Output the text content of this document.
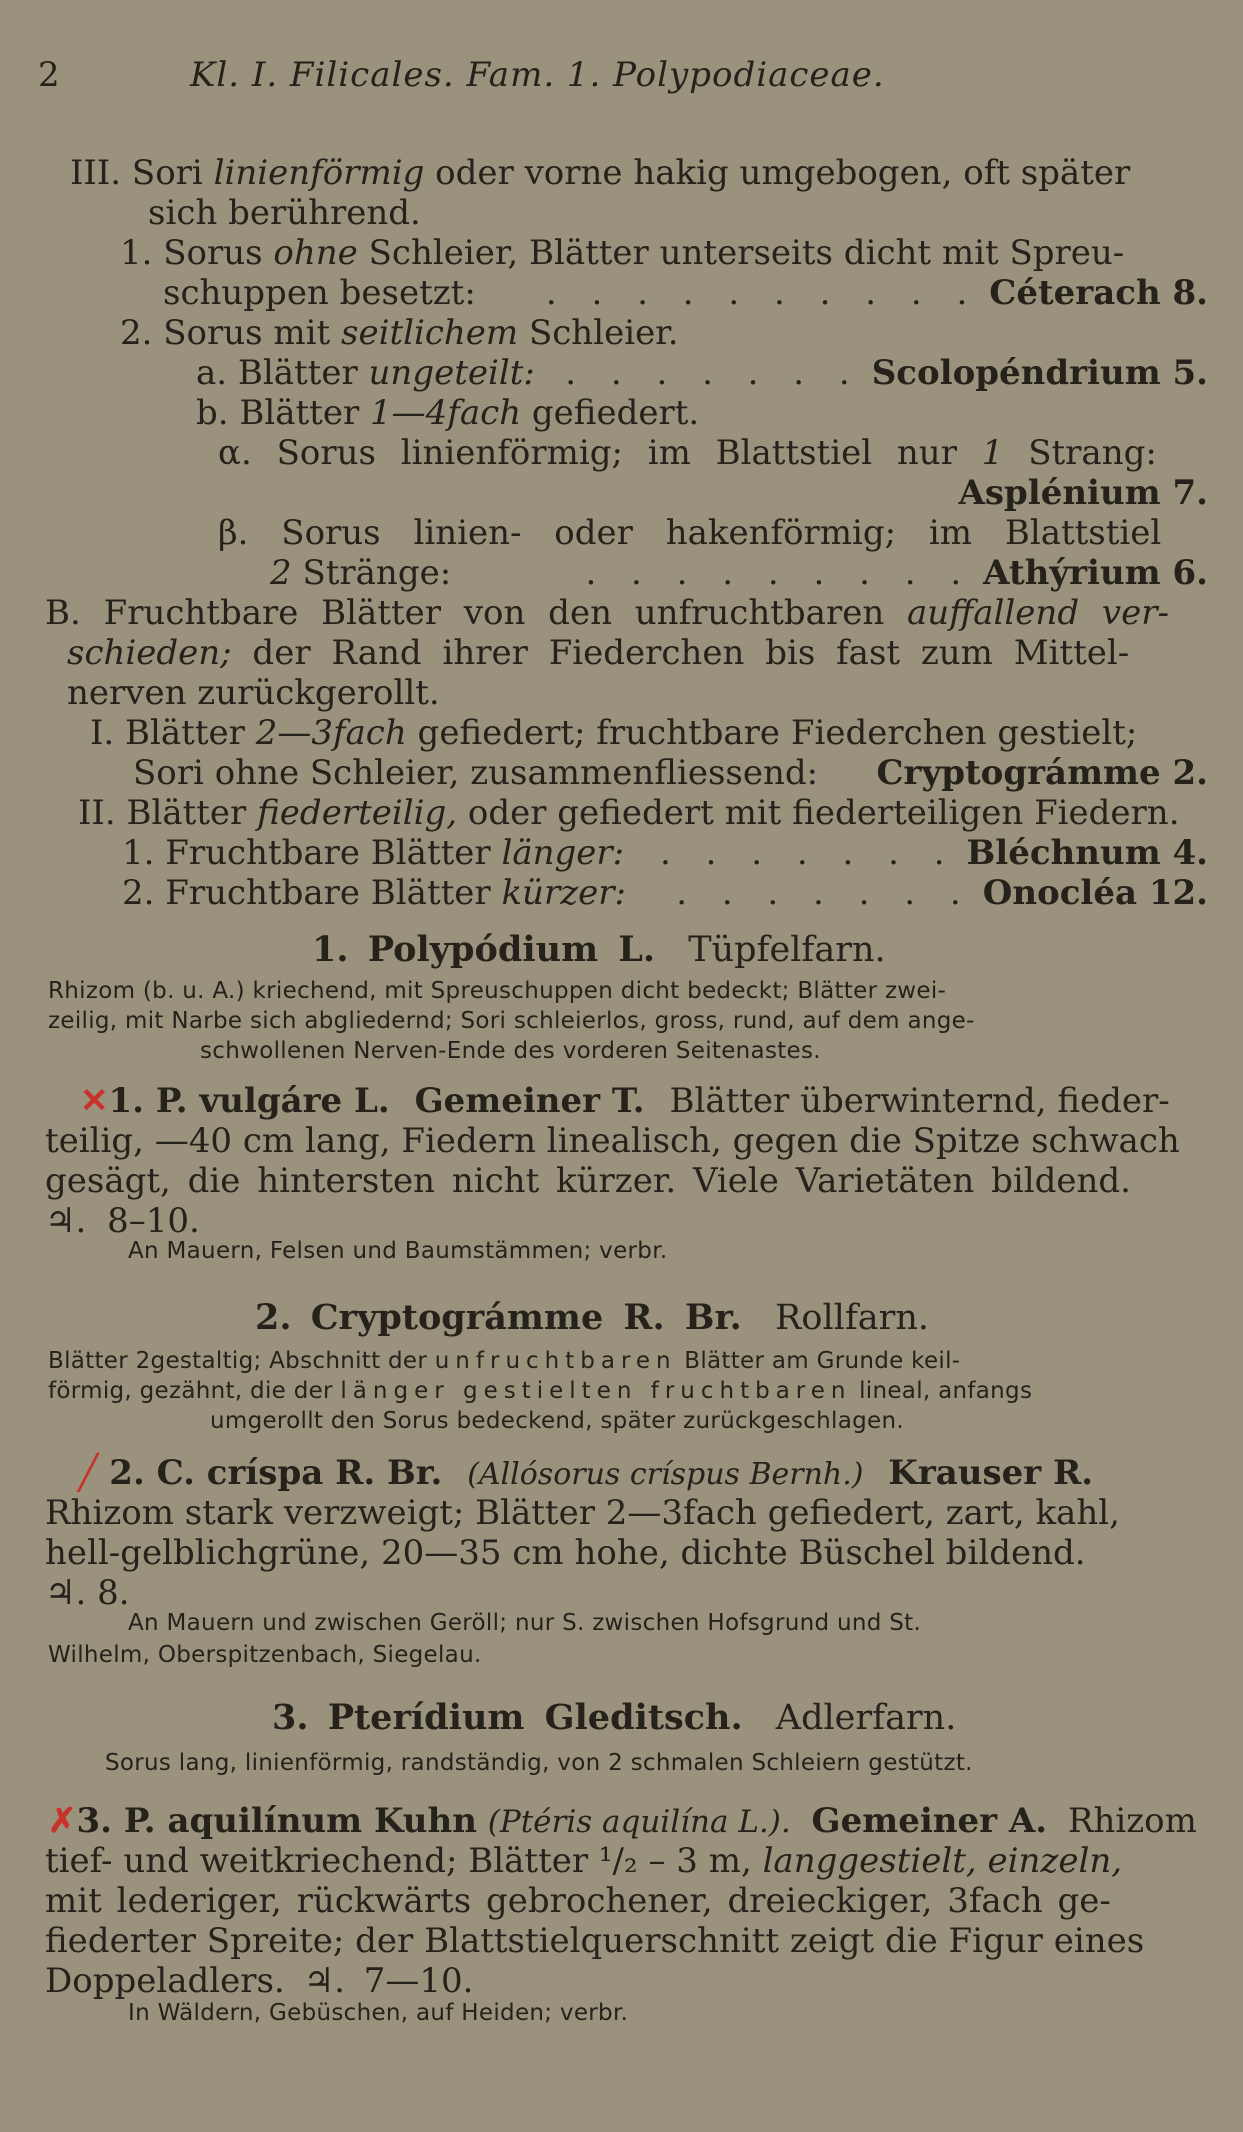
2	Kl. I. Filicales. Fam. 1. Polypodiaceae.
III. Sori linienförmig oder vorne hakig umgebogen, oft später
sich berührend.
1. Sorus ohne Schleier, Blätter unterseits dicht mit Spreu-
schuppen besetzt:	. . . . . . . . . . Céterach 8.
2. Sorus mit seitlichem Schleier.
a. Blätter ungeteilt: . . . . . . . Scolopéndrium 5.
b. Blätter 1—4fach gefiedert.
α. Sorus linienförmig; im Blattstiel nur 1 Strang:
Asplénium 7.
β. Sorus linien- oder hakenförmig; im Blattstiel
2 Stränge:	. . . . . . . . . Athýrium 6.
B. Fruchtbare Blätter von den unfruchtbaren auffallend ver-
schieden; der Rand ihrer Fiederchen bis fast zum Mittel-
nerven zurückgerollt.
I. Blätter 2—3fach gefiedert; fruchtbare Fiederchen gestielt;
Sori ohne Schleier, zusammenfliessend: Cryptográmme 2.
II. Blätter fiederteilig, oder gefiedert mit fiederteiligen Fiedern.
1. Fruchtbare Blätter länger:	. . . . . . . Bléchnum 4.
2. Fruchtbare Blätter kürzer:	. . . . . . . Onocléa 12.
1. Polypódium L. Tüpfelfarn.
Rhizom (b. u. A.) kriechend, mit Spreuschuppen dicht bedeckt; Blätter zwei-
zeilig, mit Narbe sich abgliedernd; Sori schleierlos, gross, rund, auf dem ange-
schwollenen Nerven-Ende des vorderen Seitenastes.
✕1. P. vulgáre L. Gemeiner T. Blätter überwinternd, fieder-
teilig, —40 cm lang, Fiedern linealisch, gegen die Spitze schwach
gesägt, die hintersten nicht kürzer. Viele Varietäten bildend.
♃. 8–10.
An Mauern, Felsen und Baumstämmen; verbr.
2. Cryptográmme R. Br. Rollfarn.
Blätter 2gestaltig; Abschnitt der unfruchtbaren Blätter am Grunde keil-
förmig, gezähnt, die der länger gestielten fruchtbaren lineal, anfangs
umgerollt den Sorus bedeckend, später zurückgeschlagen.
╱ 2. C. críspa R. Br. (Allósorus críspus Bernh.) Krauser R.
Rhizom stark verzweigt; Blätter 2—3fach gefiedert, zart, kahl,
hell-gelblichgrüne, 20—35 cm hohe, dichte Büschel bildend.
♃. 8.
An Mauern und zwischen Geröll; nur S. zwischen Hofsgrund und St.
Wilhelm, Oberspitzenbach, Siegelau.
3. Pterídium Gleditsch. Adlerfarn.
Sorus lang, linienförmig, randständig, von 2 schmalen Schleiern gestützt.
✗3. P. aquilínum Kuhn (Ptéris aquilína L.). Gemeiner A. Rhizom
tief- und weitkriechend; Blätter ¹/₂ – 3 m, langgestielt, einzeln,
mit lederiger, rückwärts gebrochener, dreieckiger, 3fach ge-
fiederter Spreite; der Blattstielquerschnitt zeigt die Figur eines
Doppeladlers. ♃. 7—10.
In Wäldern, Gebüschen, auf Heiden; verbr.
